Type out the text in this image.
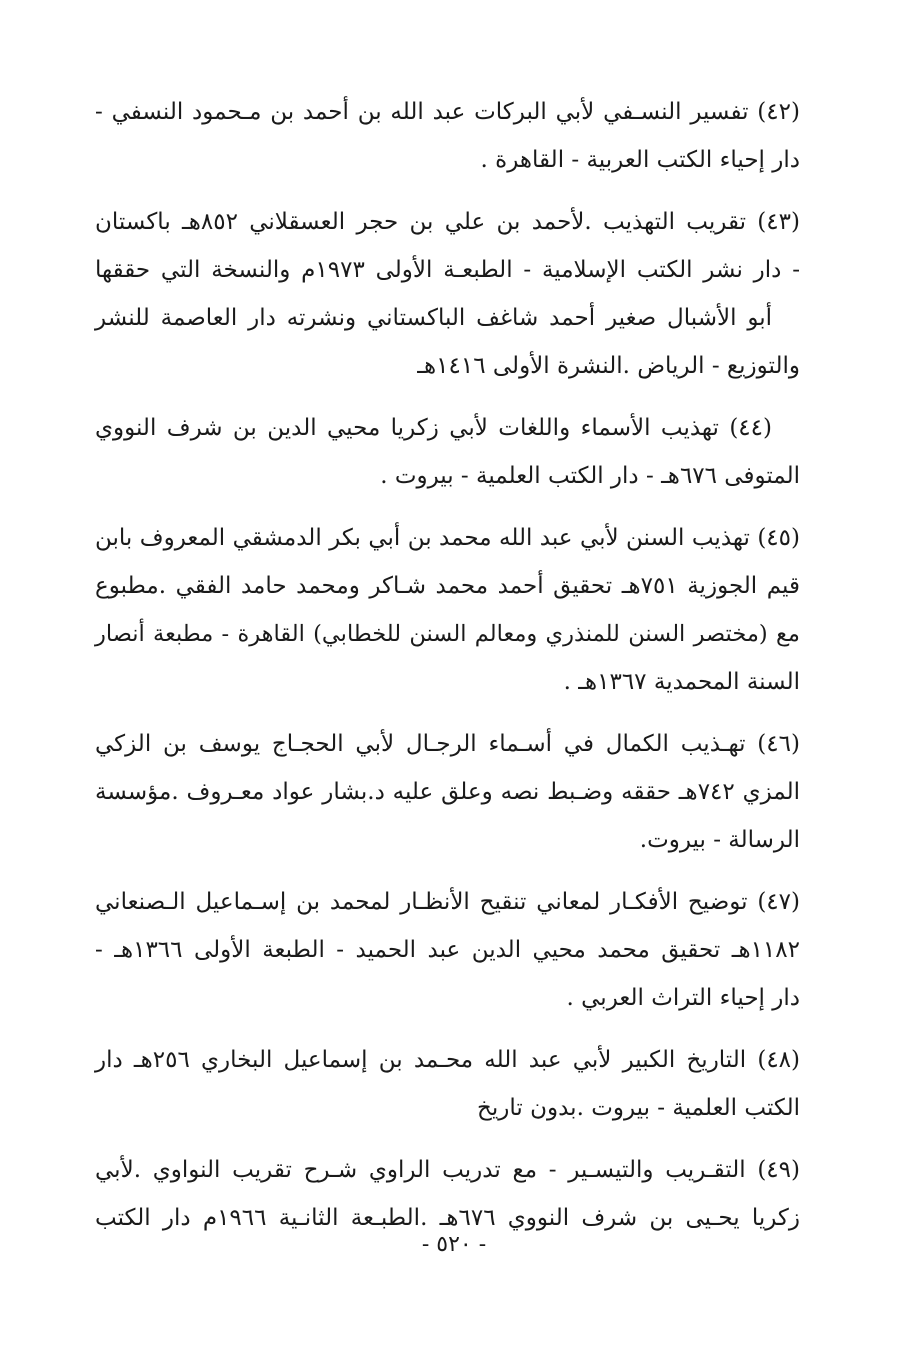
(٤٢) تفسير النسـفي لأبي البركات عبد الله بن أحمد بن مـحمود النسفي -
دار إحياء الكتب العربية - القاهرة .
(٤٣) تقريب التهذيب .لأحمد بن علي بن حجر العسقلاني ٨٥٢هـ باكستان
- دار نشر الكتب الإسلامية - الطبعـة الأولى ١٩٧٣م والنسخة التي حققها
أبو الأشبال صغير أحمد شاغف الباكستاني ونشرته دار العاصمة للنشر
والتوزيع - الرياض .النشرة الأولى ١٤١٦هـ
(٤٤) تهذيب الأسماء واللغات لأبي زكريا محيي الدين بن شرف النووي
المتوفى ٦٧٦هـ - دار الكتب العلمية - بيروت .
(٤٥) تهذيب السنن لأبي عبد الله محمد بن أبي بكر الدمشقي المعروف بابن
قيم الجوزية ٧٥١هـ تحقيق أحمد محمد شـاكر ومحمد حامد الفقي .مطبوع
مع (مختصر السنن للمنذري ومعالم السنن للخطابي) القاهرة - مطبعة أنصار
السنة المحمدية ١٣٦٧هـ .
(٤٦) تهـذيب الكمال في أسـماء الرجـال لأبي الحجـاج يوسف بن الزكي
المزي ٧٤٢هـ حققه وضـبط نصه وعلق عليه د.بشار عواد معـروف .مؤسسة
الرسالة - بيروت.
(٤٧) توضيح الأفكـار لمعاني تنقيح الأنظـار لمحمد بن إسـماعيل الـصنعاني
١١٨٢هـ تحقيق محمد محيي الدين عبد الحميد - الطبعة الأولى ١٣٦٦هـ -
دار إحياء التراث العربي .
(٤٨) التاريخ الكبير لأبي عبد الله محـمد بن إسماعيل البخاري ٢٥٦هـ دار
الكتب العلمية - بيروت .بدون تاريخ
(٤٩) التقـريب والتيسـير - مع تدريب الراوي شـرح تقريب النواوي .لأبي
زكريا يحـيى بن شرف النووي ٦٧٦هـ .الطبـعة الثانـية ١٩٦٦م دار الكتب
- ٥٢٠ -
